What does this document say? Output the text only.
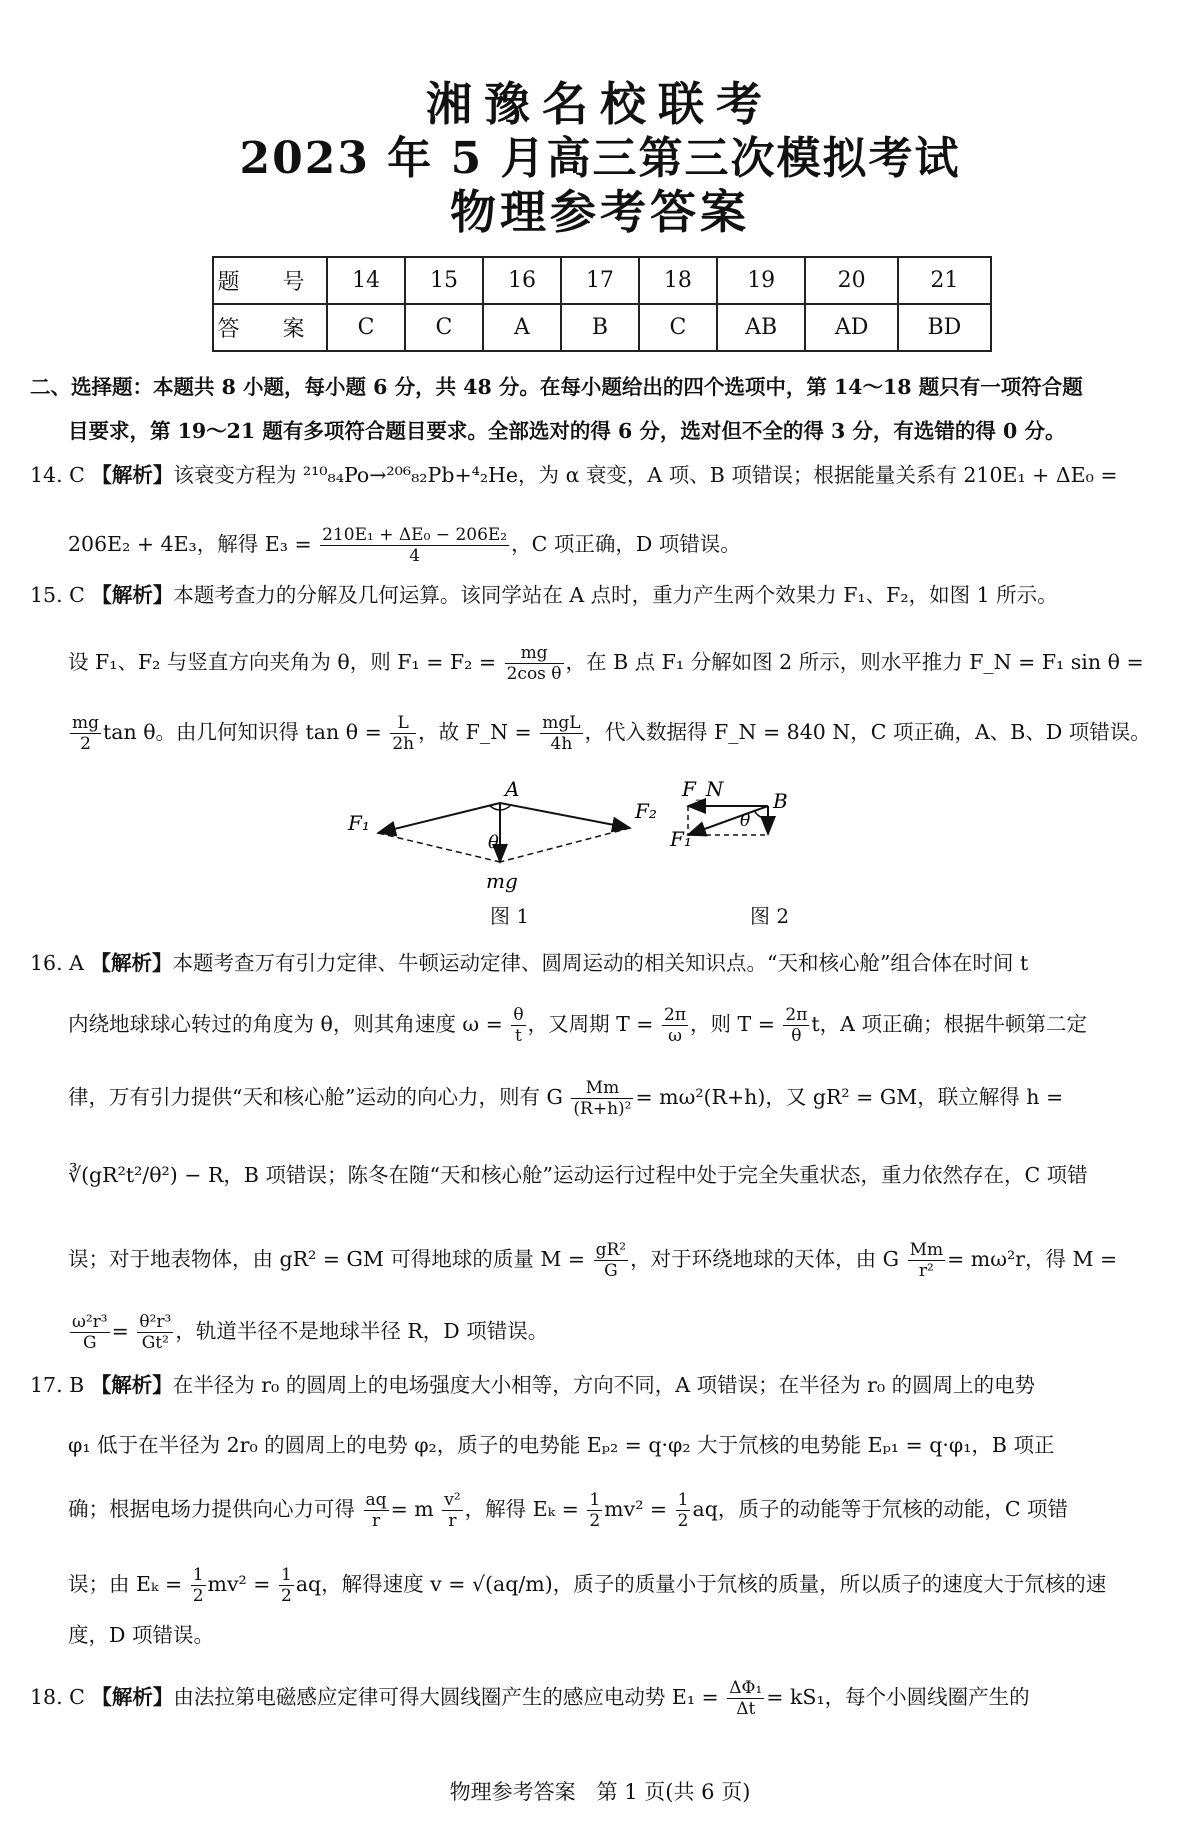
湘豫名校联考
2023 年 5 月高三第三次模拟考试
物理参考答案
题 号	14	15	16	17	18	19	20	21
答 案	C	C	A	B	C	AB	AD	BD
二、选择题：本题共 8 小题，每小题 6 分，共 48 分。在每小题给出的四个选项中，第 14～18 题只有一项符合题
目要求，第 19～21 题有多项符合题目要求。全部选对的得 6 分，选对但不全的得 3 分，有选错的得 0 分。
14. C 【解析】该衰变方程为 ²¹⁰₈₄Po→²⁰⁶₈₂Pb+⁴₂He，为 α 衰变，A 项、B 项错误；根据能量关系有 210E₁ + ΔE₀ =
206E₂ + 4E₃，解得 $E_3 = \frac{\text{210E₁ + ΔE₀ − 206E₂}}{4}$ ，C 项正确，D 项错误。
15. C 【解析】本题考查力的分解及几何运算。该同学站在 A 点时，重力产生两个效果力 F₁、F₂，如图 1 所示。
设 F₁、F₂ 与竖直方向夹角为 θ，则 $F_1 = F_2 = \frac{mg}{\text{2cos θ}}$ ，在 B 点 F₁ 分解如图 2 所示，则水平推力 F_N = F₁ sin θ =
$\frac{mg}{2}$ tan θ。由几何知识得 $\tan \theta = \frac{L}{2h}$ ，故 F_N = $\frac{\text{mgL}}{4h}$ ，代入数据得 F_N = 840 N，C 项正确，A、B、D 项错误。
A
F₁	F₂
θ
mg
B
F_N
F₁
θ
图 1	图 2
16. A 【解析】本题考查万有引力定律、牛顿运动定律、圆周运动的相关知识点。“天和核心舱”组合体在时间 t
内绕地球球心转过的角度为 θ，则其角速度 $\omega = \frac{\theta}{t}$ ，又周期 $T = \frac{2\pi}{\omega}$ ，则 $T = \frac{2\pi}{\theta}$ t，A 项正确；根据牛顿第二定
律，万有引力提供“天和核心舱”运动的向心力，则有 G $\frac{Mm}{\text{(R+h)²}} = m\omega^2(R+h)$，又 gR² = GM，联立解得 h =
∛(gR²t²/θ²) − R，B 项错误；陈冬在随“天和核心舱”运动运行过程中处于完全失重状态，重力依然存在，C 项错
误；对于地表物体，由 gR² = GM 可得地球的质量 $M = \frac{\text{gR²}}{G}$ ，对于环绕地球的天体，由 G $\frac{Mm}{\text{r²}} = m\omega^2r$，得 M =
$\frac{\text{ω²r³}}{G} = \frac{\text{θ²r³}}{\text{Gt²}}$ ，轨道半径不是地球半径 R，D 项错误。
17. B 【解析】在半径为 r₀ 的圆周上的电场强度大小相等，方向不同，A 项错误；在半径为 r₀ 的圆周上的电势
φ₁ 低于在半径为 2r₀ 的圆周上的电势 φ₂，质子的电势能 Eₚ₂ = q·φ₂ 大于氘核的电势能 Eₚ₁ = q·φ₁，B 项正
确；根据电场力提供向心力可得 $\frac{aq}{r} = m \frac{\text{v²}}{r}$ ，解得 $E_k = \frac{1}{2} mv^2 = \frac{1}{2}$ aq，质子的动能等于氘核的动能，C 项错
误；由 $E_k = \frac{1}{2} mv^2 = \frac{1}{2}$ aq，解得速度 v = √(aq/m)，质子的质量小于氘核的质量，所以质子的速度大于氘核的速
度，D 项错误。
18. C 【解析】由法拉第电磁感应定律可得大圆线圈产生的感应电动势 $E_1 = \frac{\text{ΔΦ₁}}{\Delta t} = kS_1$，每个小圆线圈产生的
物理参考答案　第 1 页(共 6 页)
